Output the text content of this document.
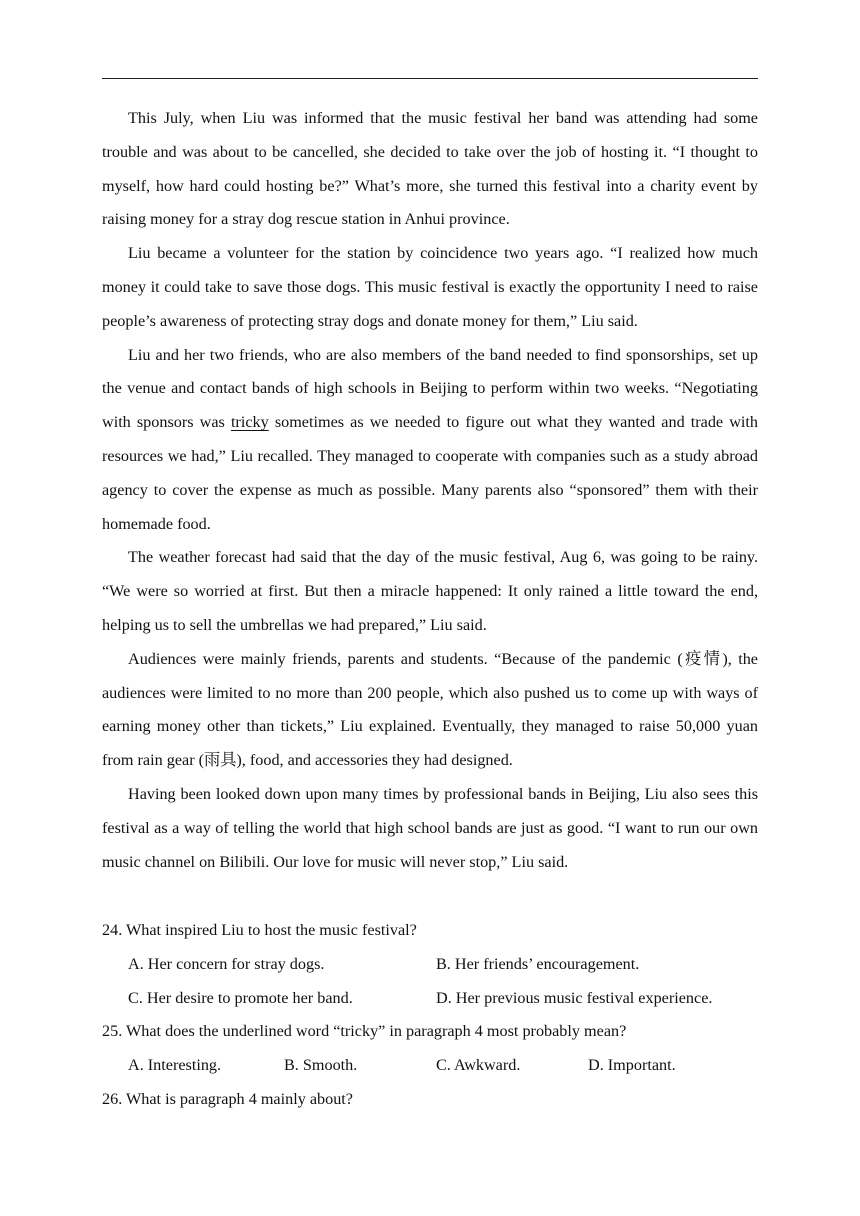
This July, when Liu was informed that the music festival her band was attending had some trouble and was about to be cancelled, she decided to take over the job of hosting it. “I thought to myself, how hard could hosting be?” What’s more, she turned this festival into a charity event by raising money for a stray dog rescue station in Anhui province.

Liu became a volunteer for the station by coincidence two years ago. “I realized how much money it could take to save those dogs. This music festival is exactly the opportunity I need to raise people’s awareness of protecting stray dogs and donate money for them,” Liu said.

Liu and her two friends, who are also members of the band needed to find sponsorships, set up the venue and contact bands of high schools in Beijing to perform within two weeks. “Negotiating with sponsors was tricky sometimes as we needed to figure out what they wanted and trade with resources we had,” Liu recalled. They managed to cooperate with companies such as a study abroad agency to cover the expense as much as possible. Many parents also “sponsored” them with their homemade food.

The weather forecast had said that the day of the music festival, Aug 6, was going to be rainy. “We were so worried at first. But then a miracle happened: It only rained a little toward the end, helping us to sell the umbrellas we had prepared,” Liu said.

Audiences were mainly friends, parents and students. “Because of the pandemic (疫情), the audiences were limited to no more than 200 people, which also pushed us to come up with ways of earning money other than tickets,” Liu explained. Eventually, they managed to raise 50,000 yuan from rain gear (雨具), food, and accessories they had designed.

Having been looked down upon many times by professional bands in Beijing, Liu also sees this festival as a way of telling the world that high school bands are just as good. “I want to run our own music channel on Bilibili. Our love for music will never stop,” Liu said.

24. What inspired Liu to host the music festival?

A. Her concern for stray dogs.	B. Her friends’ encouragement.
C. Her desire to promote her band.	D. Her previous music festival experience.

25. What does the underlined word “tricky” in paragraph 4 most probably mean?

A. Interesting.	B. Smooth.	C. Awkward.	D. Important.

26. What is paragraph 4 mainly about?
